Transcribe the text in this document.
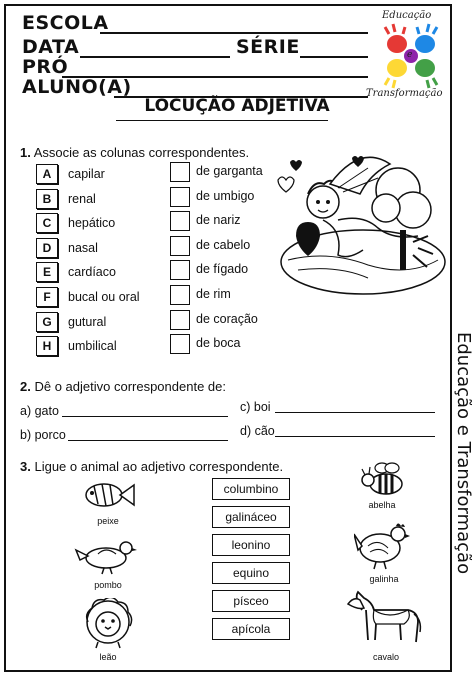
ESCOLA
DATA	SÉRIE
PRÓ
ALUNO(A)
Educação
e
Transformação
LOCUÇÃO ADJETIVA
1. Associe as colunas correspondentes.
A	capilar
B	renal
C	hepático
D	nasal
E	cardíaco
F	bucal ou oral
G	gutural
H	umbilical
de garganta
de umbigo
de nariz
de cabelo
de fígado
de rim
de coração
de boca
2. Dê o adjetivo correspondente de:
a) gato
b) porco
c) boi
d) cão
3. Ligue o animal ao adjetivo correspondente.
columbino
galináceo
leonino
equino
písceo
apícola
peixe
pombo
leão
abelha
galinha
cavalo
Educação e Transformação
